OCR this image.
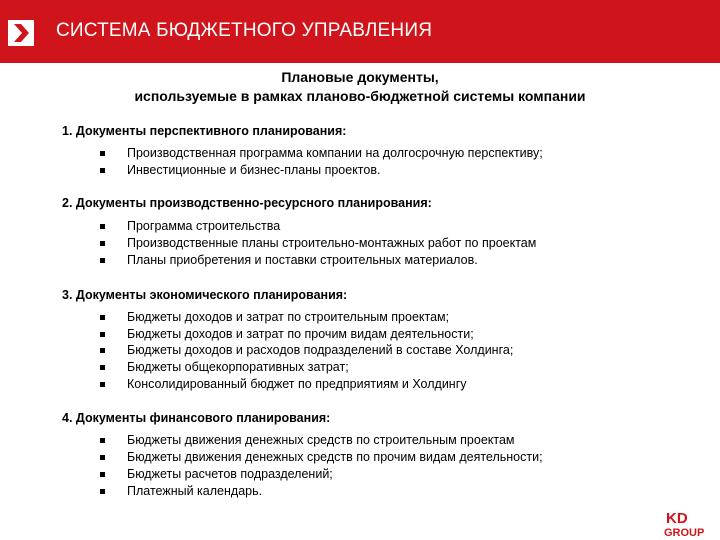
СИСТЕМА БЮДЖЕТНОГО УПРАВЛЕНИЯ
Плановые документы,
используемые в рамках планово-бюджетной системы компании
1. Документы перспективного планирования:
Производственная программа компании на долгосрочную перспективу;
Инвестиционные и бизнес-планы проектов.
2. Документы производственно-ресурсного планирования:
Программа строительства
Производственные планы строительно-монтажных работ по проектам
Планы приобретения и поставки строительных материалов.
3. Документы экономического планирования:
Бюджеты доходов и затрат по строительным проектам;
Бюджеты доходов и затрат по прочим видам деятельности;
Бюджеты доходов и расходов подразделений в составе Холдинга;
Бюджеты общекорпоративных затрат;
Консолидированный бюджет по предприятиям и Холдингу
4. Документы финансового планирования:
Бюджеты движения денежных средств по строительным проектам
Бюджеты движения денежных средств по прочим видам деятельности;
Бюджеты расчетов подразделений;
Платежный календарь.
KD
GROUP
